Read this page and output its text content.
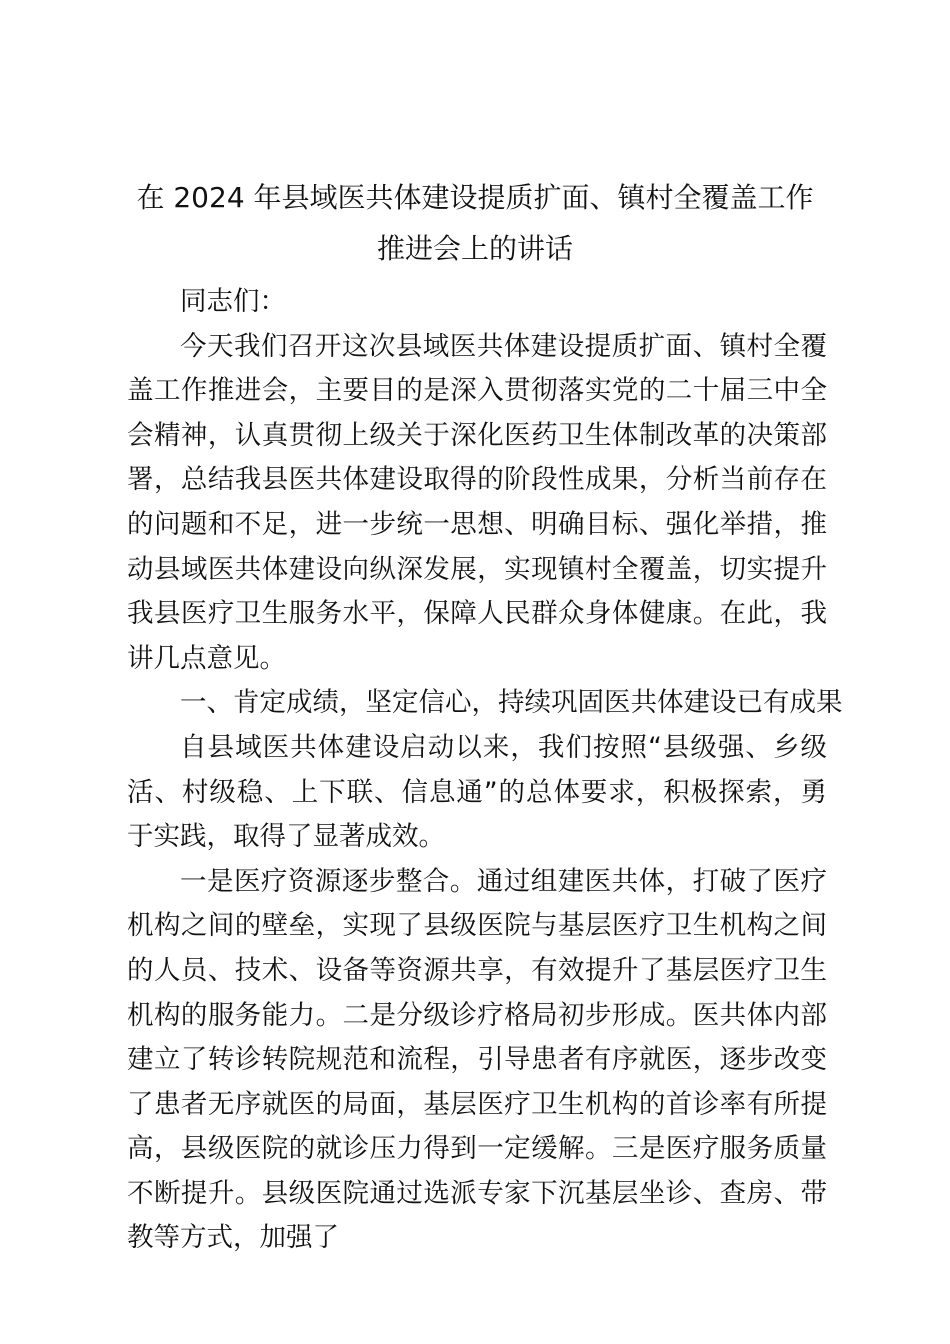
在 2024 年县域医共体建设提质扩面、镇村全覆盖工作
推进会上的讲话

同志们：

今天我们召开这次县域医共体建设提质扩面、镇村全覆盖工作推进会，主要目的是深入贯彻落实党的二十届三中全会精神，认真贯彻上级关于深化医药卫生体制改革的决策部署，总结我县医共体建设取得的阶段性成果，分析当前存在的问题和不足，进一步统一思想、明确目标、强化举措，推动县域医共体建设向纵深发展，实现镇村全覆盖，切实提升我县医疗卫生服务水平，保障人民群众身体健康。在此，我讲几点意见。

一、肯定成绩，坚定信心，持续巩固医共体建设已有成果

自县域医共体建设启动以来，我们按照“县级强、乡级活、村级稳、上下联、信息通”的总体要求，积极探索，勇于实践，取得了显著成效。

一是医疗资源逐步整合。通过组建医共体，打破了医疗机构之间的壁垒，实现了县级医院与基层医疗卫生机构之间的人员、技术、设备等资源共享，有效提升了基层医疗卫生机构的服务能力。二是分级诊疗格局初步形成。医共体内部建立了转诊转院规范和流程，引导患者有序就医，逐步改变了患者无序就医的局面，基层医疗卫生机构的首诊率有所提高，县级医院的就诊压力得到一定缓解。三是医疗服务质量不断提升。县级医院通过选派专家下沉基层坐诊、查房、带教等方式，加强了
